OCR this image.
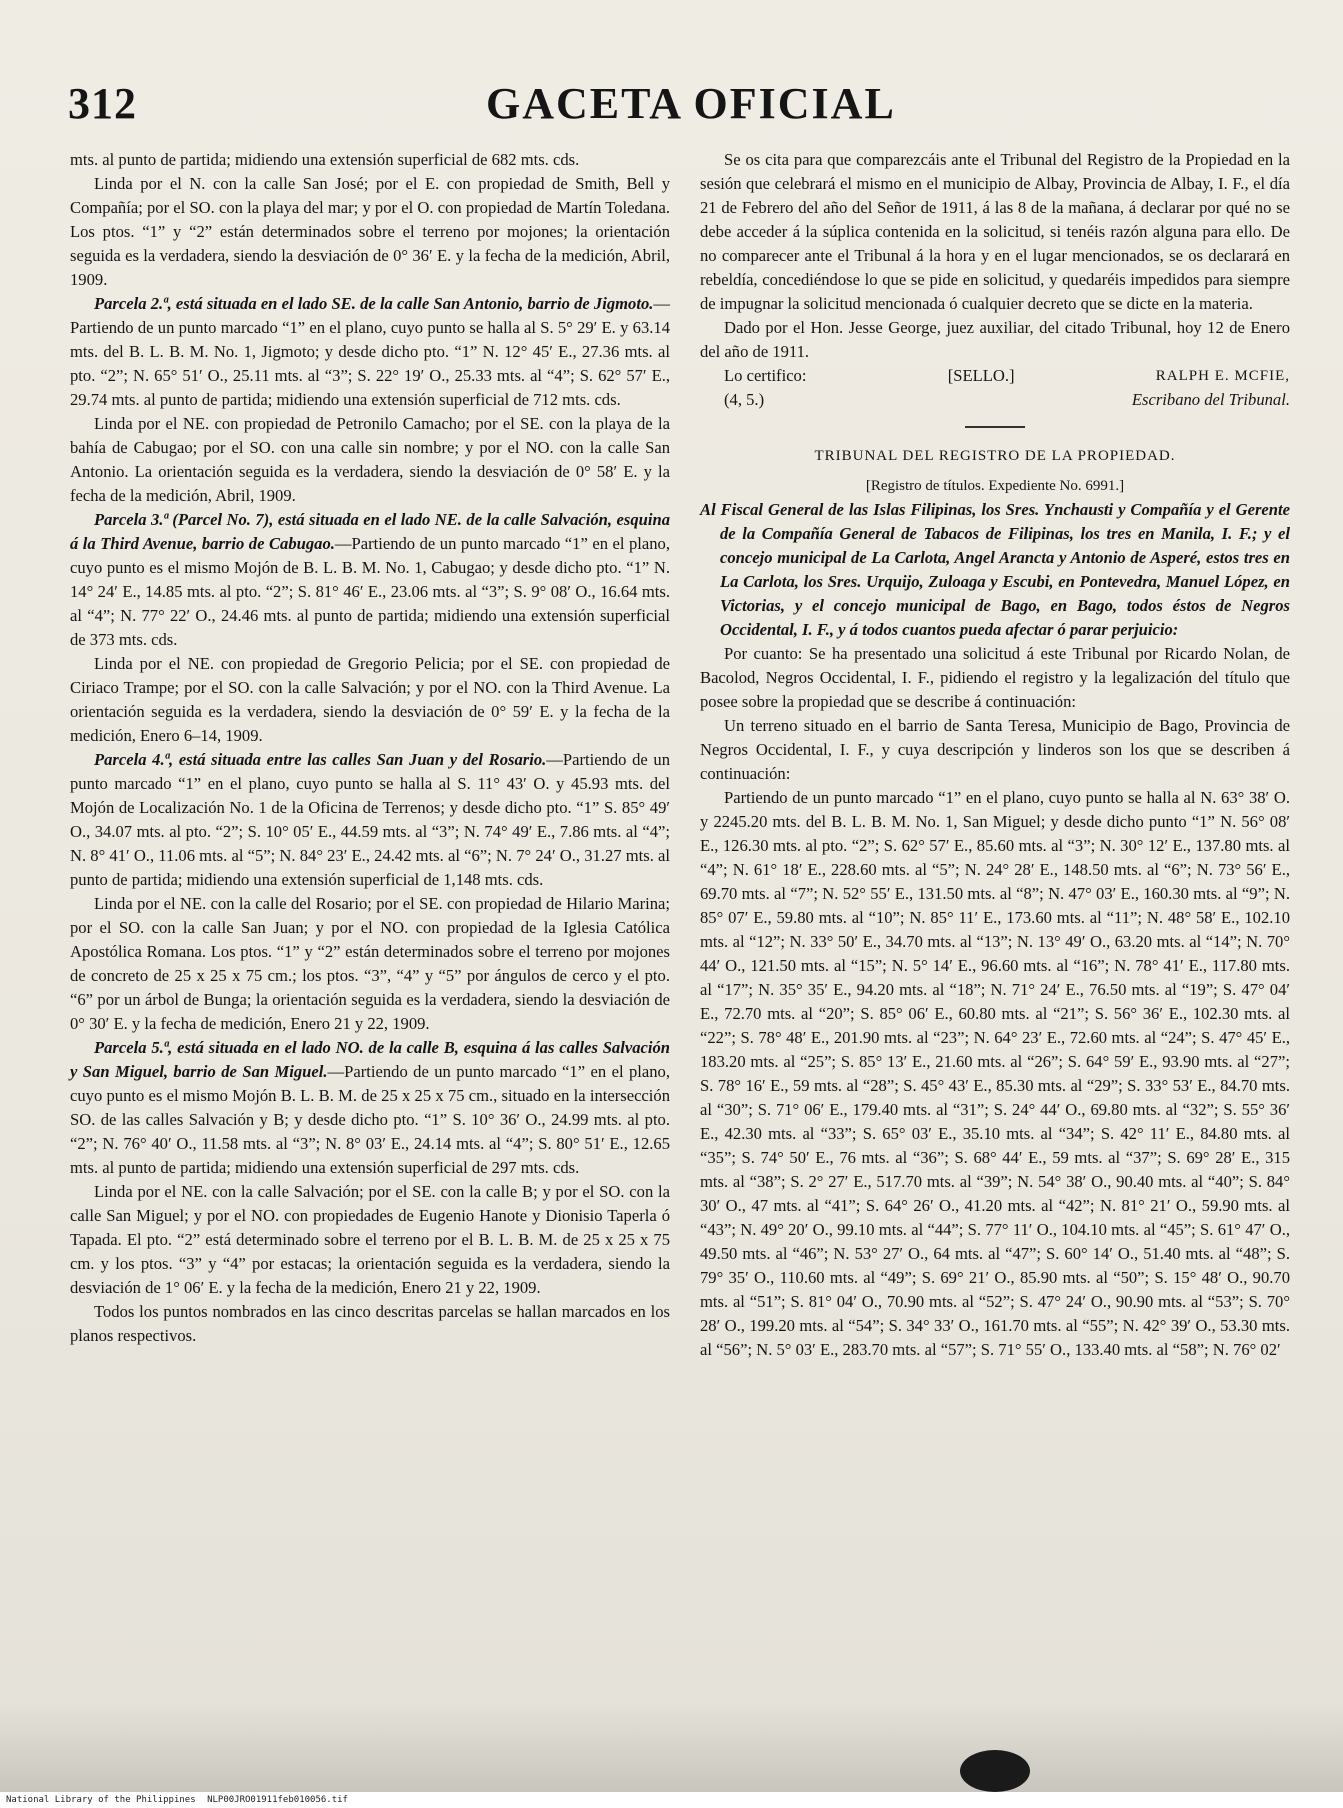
312	GACETA OFICIAL

mts. al punto de partida; midiendo una extensión superficial de 682 mts. cds.

Linda por el N. con la calle San José; por el E. con propiedad de Smith, Bell y Compañía; por el SO. con la playa del mar; y por el O. con propiedad de Martín Toledana. Los ptos. “1” y “2” están determinados sobre el terreno por mojones; la orientación seguida es la verdadera, siendo la desviación de 0° 36′ E. y la fecha de la medición, Abril, 1909.

Parcela 2.ª, está situada en el lado SE. de la calle San Antonio, barrio de Jigmoto.—Partiendo de un punto marcado “1” en el plano, cuyo punto se halla al S. 5° 29′ E. y 63.14 mts. del B. L. B. M. No. 1, Jigmoto; y desde dicho pto. “1” N. 12° 45′ E., 27.36 mts. al pto. “2”; N. 65° 51′ O., 25.11 mts. al “3”; S. 22° 19′ O., 25.33 mts. al “4”; S. 62° 57′ E., 29.74 mts. al punto de partida; midiendo una extensión superficial de 712 mts. cds.

Linda por el NE. con propiedad de Petronilo Camacho; por el SE. con la playa de la bahía de Cabugao; por el SO. con una calle sin nombre; y por el NO. con la calle San Antonio. La orientación seguida es la verdadera, siendo la desviación de 0° 58′ E. y la fecha de la medición, Abril, 1909.

Parcela 3.ª (Parcel No. 7), está situada en el lado NE. de la calle Salvación, esquina á la Third Avenue, barrio de Cabugao.—Partiendo de un punto marcado “1” en el plano, cuyo punto es el mismo Mojón de B. L. B. M. No. 1, Cabugao; y desde dicho pto. “1” N. 14° 24′ E., 14.85 mts. al pto. “2”; S. 81° 46′ E., 23.06 mts. al “3”; S. 9° 08′ O., 16.64 mts. al “4”; N. 77° 22′ O., 24.46 mts. al punto de partida; midiendo una extensión superficial de 373 mts. cds.

Linda por el NE. con propiedad de Gregorio Pelicia; por el SE. con propiedad de Ciriaco Trampe; por el SO. con la calle Salvación; y por el NO. con la Third Avenue. La orientación seguida es la verdadera, siendo la desviación de 0° 59′ E. y la fecha de la medición, Enero 6–14, 1909.

Parcela 4.ª, está situada entre las calles San Juan y del Rosario.—Partiendo de un punto marcado “1” en el plano, cuyo punto se halla al S. 11° 43′ O. y 45.93 mts. del Mojón de Localización No. 1 de la Oficina de Terrenos; y desde dicho pto. “1” S. 85° 49′ O., 34.07 mts. al pto. “2”; S. 10° 05′ E., 44.59 mts. al “3”; N. 74° 49′ E., 7.86 mts. al “4”; N. 8° 41′ O., 11.06 mts. al “5”; N. 84° 23′ E., 24.42 mts. al “6”; N. 7° 24′ O., 31.27 mts. al punto de partida; midiendo una extensión superficial de 1,148 mts. cds.

Linda por el NE. con la calle del Rosario; por el SE. con propiedad de Hilario Marina; por el SO. con la calle San Juan; y por el NO. con propiedad de la Iglesia Católica Apostólica Romana. Los ptos. “1” y “2” están determinados sobre el terreno por mojones de concreto de 25 x 25 x 75 cm.; los ptos. “3”, “4” y “5” por ángulos de cerco y el pto. “6” por un árbol de Bunga; la orientación seguida es la verdadera, siendo la desviación de 0° 30′ E. y la fecha de medición, Enero 21 y 22, 1909.

Parcela 5.ª, está situada en el lado NO. de la calle B, esquina á las calles Salvación y San Miguel, barrio de San Miguel.—Partiendo de un punto marcado “1” en el plano, cuyo punto es el mismo Mojón B. L. B. M. de 25 x 25 x 75 cm., situado en la intersección SO. de las calles Salvación y B; y desde dicho pto. “1” S. 10° 36′ O., 24.99 mts. al pto. “2”; N. 76° 40′ O., 11.58 mts. al “3”; N. 8° 03′ E., 24.14 mts. al “4”; S. 80° 51′ E., 12.65 mts. al punto de partida; midiendo una extensión superficial de 297 mts. cds.

Linda por el NE. con la calle Salvación; por el SE. con la calle B; y por el SO. con la calle San Miguel; y por el NO. con propiedades de Eugenio Hanote y Dionisio Taperla ó Tapada. El pto. “2” está determinado sobre el terreno por el B. L. B. M. de 25 x 25 x 75 cm. y los ptos. “3” y “4” por estacas; la orientación seguida es la verdadera, siendo la desviación de 1° 06′ E. y la fecha de la medición, Enero 21 y 22, 1909.

Todos los puntos nombrados en las cinco descritas parcelas se hallan marcados en los planos respectivos.

Se os cita para que comparezcáis ante el Tribunal del Registro de la Propiedad en la sesión que celebrará el mismo en el municipio de Albay, Provincia de Albay, I. F., el día 21 de Febrero del año del Señor de 1911, á las 8 de la mañana, á declarar por qué no se debe acceder á la súplica contenida en la solicitud, si tenéis razón alguna para ello. De no comparecer ante el Tribunal á la hora y en el lugar mencionados, se os declarará en rebeldía, concediéndose lo que se pide en solicitud, y quedaréis impedidos para siempre de impugnar la solicitud mencionada ó cualquier decreto que se dicte en la materia.

Dado por el Hon. Jesse George, juez auxiliar, del citado Tribunal, hoy 12 de Enero del año de 1911.

Lo certifico:	[SELLO.]	RALPH E. MCFIE,
(4, 5.)	Escribano del Tribunal.

TRIBUNAL DEL REGISTRO DE LA PROPIEDAD.

[Registro de títulos. Expediente No. 6991.]

Al Fiscal General de las Islas Filipinas, los Sres. Ynchausti y Compañía y el Gerente de la Compañía General de Tabacos de Filipinas, los tres en Manila, I. F.; y el concejo municipal de La Carlota, Angel Arancta y Antonio de Asperé, estos tres en La Carlota, los Sres. Urquijo, Zuloaga y Escubi, en Pontevedra, Manuel López, en Victorias, y el concejo municipal de Bago, en Bago, todos éstos de Negros Occidental, I. F., y á todos cuantos pueda afectar ó parar perjuicio:

Por cuanto: Se ha presentado una solicitud á este Tribunal por Ricardo Nolan, de Bacolod, Negros Occidental, I. F., pidiendo el registro y la legalización del título que posee sobre la propiedad que se describe á continuación:

Un terreno situado en el barrio de Santa Teresa, Municipio de Bago, Provincia de Negros Occidental, I. F., y cuya descripción y linderos son los que se describen á continuación:

Partiendo de un punto marcado “1” en el plano, cuyo punto se halla al N. 63° 38′ O. y 2245.20 mts. del B. L. B. M. No. 1, San Miguel; y desde dicho punto “1” N. 56° 08′ E., 126.30 mts. al pto. “2”; S. 62° 57′ E., 85.60 mts. al “3”; N. 30° 12′ E., 137.80 mts. al “4”; N. 61° 18′ E., 228.60 mts. al “5”; N. 24° 28′ E., 148.50 mts. al “6”; N. 73° 56′ E., 69.70 mts. al “7”; N. 52° 55′ E., 131.50 mts. al “8”; N. 47° 03′ E., 160.30 mts. al “9”; N. 85° 07′ E., 59.80 mts. al “10”; N. 85° 11′ E., 173.60 mts. al “11”; N. 48° 58′ E., 102.10 mts. al “12”; N. 33° 50′ E., 34.70 mts. al “13”; N. 13° 49′ O., 63.20 mts. al “14”; N. 70° 44′ O., 121.50 mts. al “15”; N. 5° 14′ E., 96.60 mts. al “16”; N. 78° 41′ E., 117.80 mts. al “17”; N. 35° 35′ E., 94.20 mts. al “18”; N. 71° 24′ E., 76.50 mts. al “19”; S. 47° 04′ E., 72.70 mts. al “20”; S. 85° 06′ E., 60.80 mts. al “21”; S. 56° 36′ E., 102.30 mts. al “22”; S. 78° 48′ E., 201.90 mts. al “23”; N. 64° 23′ E., 72.60 mts. al “24”; S. 47° 45′ E., 183.20 mts. al “25”; S. 85° 13′ E., 21.60 mts. al “26”; S. 64° 59′ E., 93.90 mts. al “27”; S. 78° 16′ E., 59 mts. al “28”; S. 45° 43′ E., 85.30 mts. al “29”; S. 33° 53′ E., 84.70 mts. al “30”; S. 71° 06′ E., 179.40 mts. al “31”; S. 24° 44′ O., 69.80 mts. al “32”; S. 55° 36′ E., 42.30 mts. al “33”; S. 65° 03′ E., 35.10 mts. al “34”; S. 42° 11′ E., 84.80 mts. al “35”; S. 74° 50′ E., 76 mts. al “36”; S. 68° 44′ E., 59 mts. al “37”; S. 69° 28′ E., 315 mts. al “38”; S. 2° 27′ E., 517.70 mts. al “39”; N. 54° 38′ O., 90.40 mts. al “40”; S. 84° 30′ O., 47 mts. al “41”; S. 64° 26′ O., 41.20 mts. al “42”; N. 81° 21′ O., 59.90 mts. al “43”; N. 49° 20′ O., 99.10 mts. al “44”; S. 77° 11′ O., 104.10 mts. al “45”; S. 61° 47′ O., 49.50 mts. al “46”; N. 53° 27′ O., 64 mts. al “47”; S. 60° 14′ O., 51.40 mts. al “48”; S. 79° 35′ O., 110.60 mts. al “49”; S. 69° 21′ O., 85.90 mts. al “50”; S. 15° 48′ O., 90.70 mts. al “51”; S. 81° 04′ O., 70.90 mts. al “52”; S. 47° 24′ O., 90.90 mts. al “53”; S. 70° 28′ O., 199.20 mts. al “54”; S. 34° 33′ O., 161.70 mts. al “55”; N. 42° 39′ O., 53.30 mts. al “56”; N. 5° 03′ E., 283.70 mts. al “57”; S. 71° 55′ O., 133.40 mts. al “58”; N. 76° 02′

National Library of the Philippines NLP00JRO01911feb010056.tif
